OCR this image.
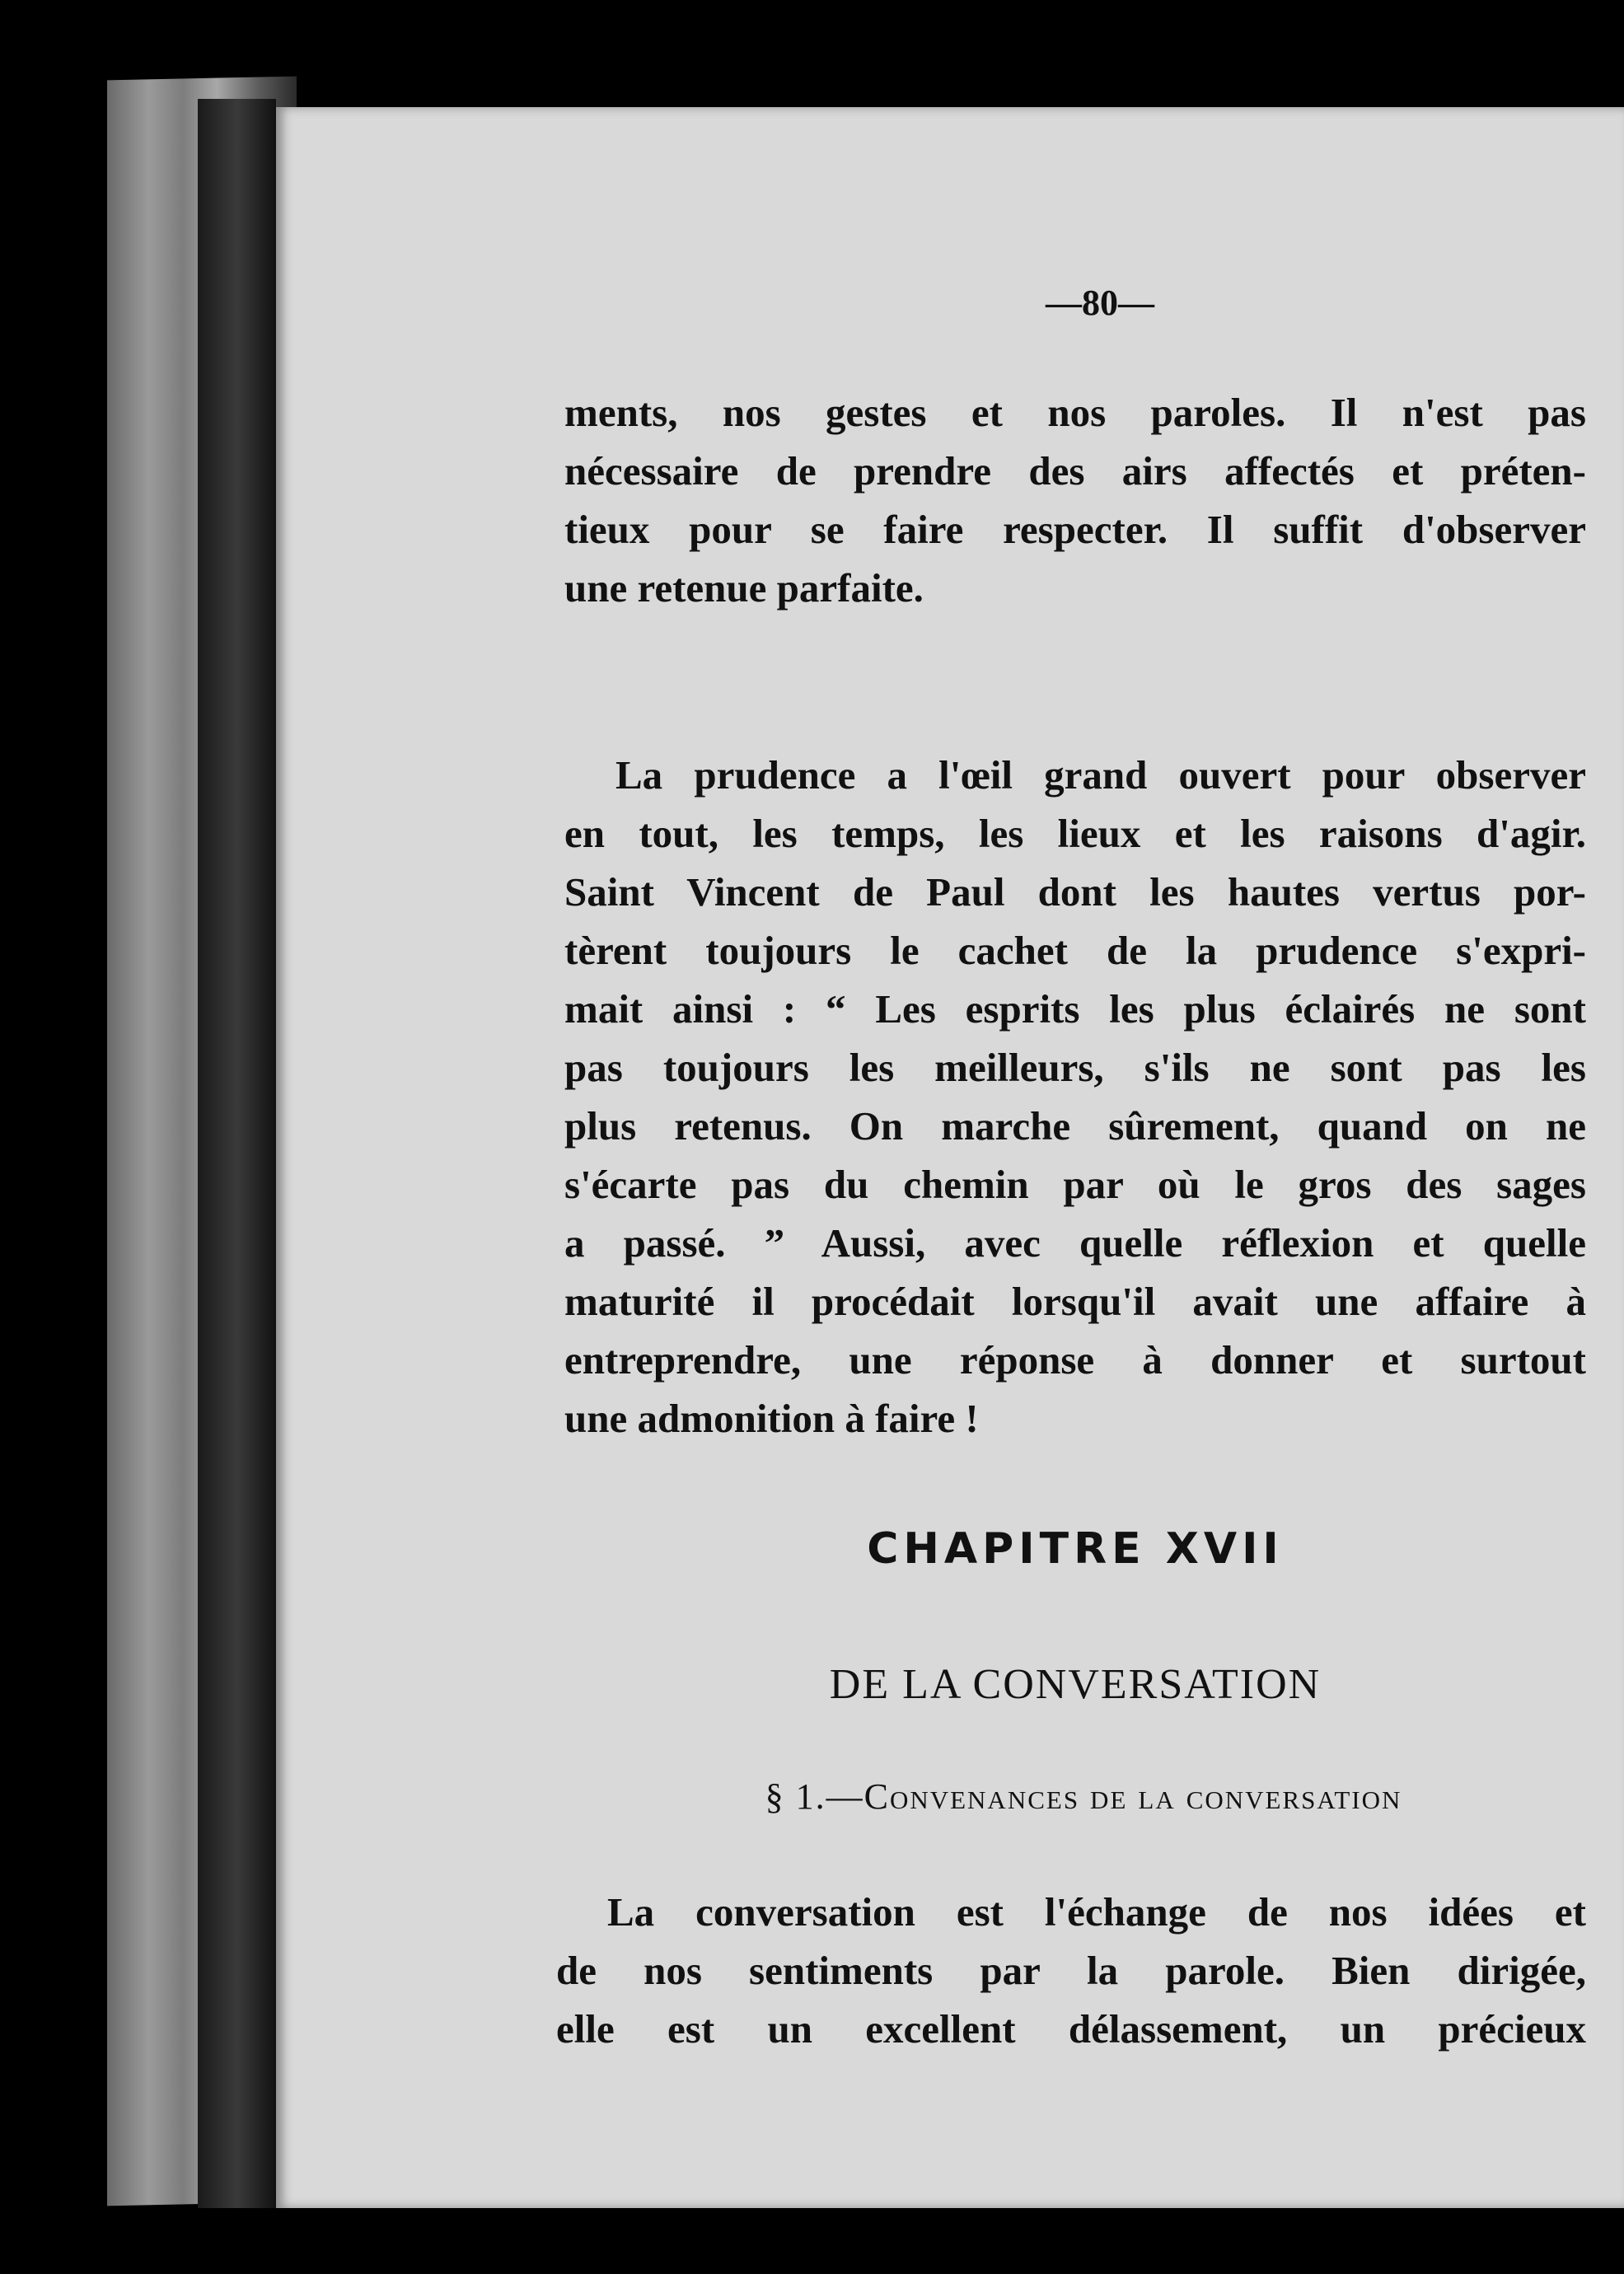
—80—

ments, nos gestes et nos paroles. Il n'est pas

nécessaire de prendre des airs affectés et préten-

tieux pour se faire respecter. Il suffit d'observer

une retenue parfaite.

La prudence a l'œil grand ouvert pour observer

en tout, les temps, les lieux et les raisons d'agir.

Saint Vincent de Paul dont les hautes vertus por-

tèrent toujours le cachet de la prudence s'expri-

mait ainsi : “ Les esprits les plus éclairés ne sont

pas toujours les meilleurs, s'ils ne sont pas les

plus retenus. On marche sûrement, quand on ne

s'écarte pas du chemin par où le gros des sages

a passé. ” Aussi, avec quelle réflexion et quelle

maturité il procédait lorsqu'il avait une affaire à

entreprendre, une réponse à donner et surtout

une admonition à faire !

CHAPITRE XVII
DE LA CONVERSATION
§ 1.—Convenances de la conversation

La conversation est l'échange de nos idées et

de nos sentiments par la parole. Bien dirigée,

elle est un excellent délassement, un précieux
